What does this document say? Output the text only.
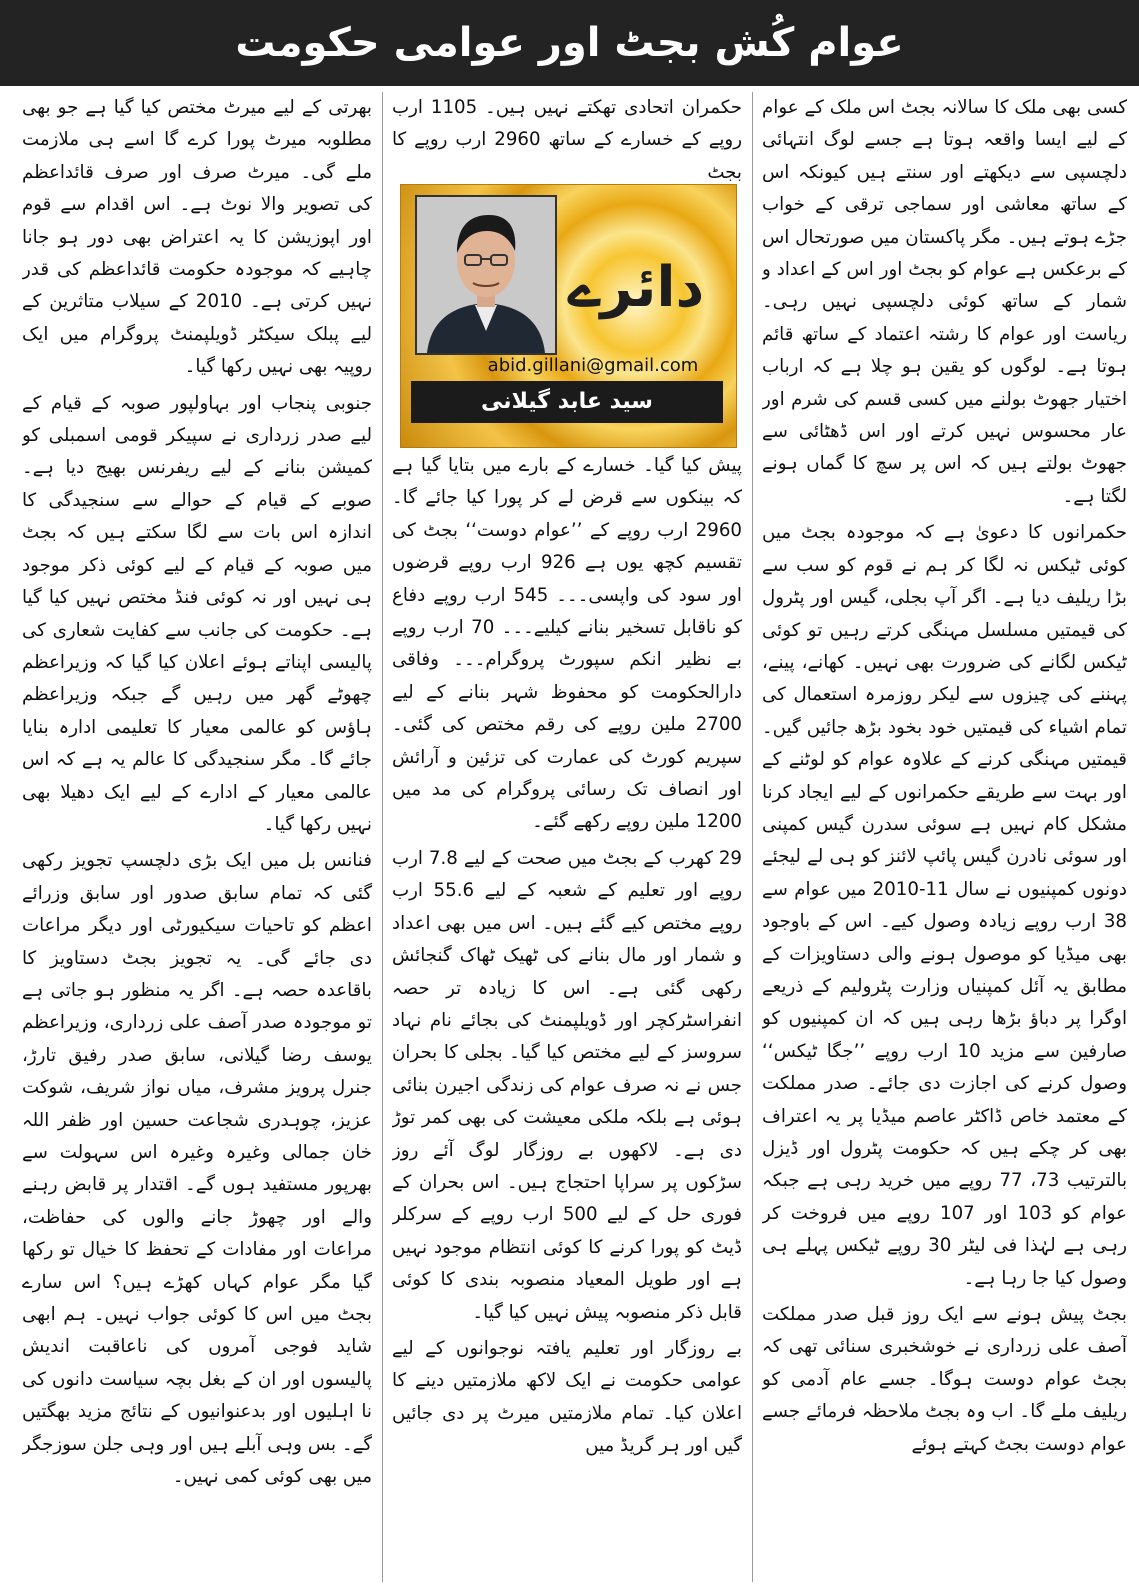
عوام کُش بجٹ اور عوامی حکومت

کسی بھی ملک کا سالانہ بجٹ اس ملک کے عوام کے لیے ایسا واقعہ ہوتا ہے جسے لوگ انتہائی دلچسپی سے دیکھتے اور سنتے ہیں کیونکہ اس کے ساتھ معاشی اور سماجی ترقی کے خواب جڑے ہوتے ہیں۔ مگر پاکستان میں صورتحال اس کے برعکس ہے عوام کو بجٹ اور اس کے اعداد و شمار کے ساتھ کوئی دلچسپی نہیں رہی۔ ریاست اور عوام کا رشتہ اعتماد کے ساتھ قائم ہوتا ہے۔ لوگوں کو یقین ہو چلا ہے کہ ارباب اختیار جھوٹ بولنے میں کسی قسم کی شرم اور عار محسوس نہیں کرتے اور اس ڈھٹائی سے جھوٹ بولتے ہیں کہ اس پر سچ کا گماں ہونے لگتا ہے۔

حکمرانوں کا دعویٰ ہے کہ موجودہ بجٹ میں کوئی ٹیکس نہ لگا کر ہم نے قوم کو سب سے بڑا ریلیف دیا ہے۔ اگر آپ بجلی، گیس اور پٹرول کی قیمتیں مسلسل مہنگی کرتے رہیں تو کوئی ٹیکس لگانے کی ضرورت بھی نہیں۔ کھانے، پینے، پہننے کی چیزوں سے لیکر روزمرہ استعمال کی تمام اشیاء کی قیمتیں خود بخود بڑھ جائیں گیں۔ قیمتیں مہنگی کرنے کے علاوہ عوام کو لوٹنے کے اور بہت سے طریقے حکمرانوں کے لیے ایجاد کرنا مشکل کام نہیں ہے سوئی سدرن گیس کمپنی اور سوئی نادرن گیس پائپ لائنز کو ہی لے لیجئے دونوں کمپنیوں نے سال 11-2010 میں عوام سے 38 ارب روپے زیادہ وصول کیے۔ اس کے باوجود بھی میڈیا کو موصول ہونے والی دستاویزات کے مطابق یہ آئل کمپنیاں وزارت پٹرولیم کے ذریعے اوگرا پر دباؤ بڑھا رہی ہیں کہ ان کمپنیوں کو صارفین سے مزید 10 ارب روپے ’’جگا ٹیکس‘‘ وصول کرنے کی اجازت دی جائے۔ صدر مملکت کے معتمد خاص ڈاکٹر عاصم میڈیا پر یہ اعتراف بھی کر چکے ہیں کہ حکومت پٹرول اور ڈیزل بالترتیب 73، 77 روپے میں خرید رہی ہے جبکہ عوام کو 103 اور 107 روپے میں فروخت کر رہی ہے لہٰذا فی لیٹر 30 روپے ٹیکس پہلے ہی وصول کیا جا رہا ہے۔

بجٹ پیش ہونے سے ایک روز قبل صدر مملکت آصف علی زرداری نے خوشخبری سنائی تھی کہ بجٹ عوام دوست ہوگا۔ جسے عام آدمی کو ریلیف ملے گا۔ اب وہ بجٹ ملاحظہ فرمائے جسے عوام دوست بجٹ کہتے ہوئے

حکمران اتحادی تھکتے نہیں ہیں۔ 1105 ارب روپے کے خسارے کے ساتھ 2960 ارب روپے کا بجٹ

پیش کیا گیا۔ خسارے کے بارے میں بتایا گیا ہے کہ بینکوں سے قرض لے کر پورا کیا جائے گا۔ 2960 ارب روپے کے ’’عوام دوست‘‘ بجٹ کی تقسیم کچھ یوں ہے 926 ارب روپے قرضوں اور سود کی واپسی۔۔۔ 545 ارب روپے دفاع کو ناقابل تسخیر بنانے کیلیے۔۔۔ 70 ارب روپے بے نظیر انکم سپورٹ پروگرام۔۔۔ وفاقی دارالحکومت کو محفوظ شہر بنانے کے لیے 2700 ملین روپے کی رقم مختص کی گئی۔ سپریم کورٹ کی عمارت کی تزئین و آرائش اور انصاف تک رسائی پروگرام کی مد میں 1200 ملین روپے رکھے گئے۔

29 کھرب کے بجٹ میں صحت کے لیے 7.8 ارب روپے اور تعلیم کے شعبہ کے لیے 55.6 ارب روپے مختص کیے گئے ہیں۔ اس میں بھی اعداد و شمار اور مال بنانے کی ٹھیک ٹھاک گنجائش رکھی گئی ہے۔ اس کا زیادہ تر حصہ انفراسٹرکچر اور ڈویلپمنٹ کی بجائے نام نہاد سروسز کے لیے مختص کیا گیا۔ بجلی کا بحران جس نے نہ صرف عوام کی زندگی اجیرن بنائی ہوئی ہے بلکہ ملکی معیشت کی بھی کمر توڑ دی ہے۔ لاکھوں بے روزگار لوگ آئے روز سڑکوں پر سراپا احتجاج ہیں۔ اس بحران کے فوری حل کے لیے 500 ارب روپے کے سرکلر ڈیٹ کو پورا کرنے کا کوئی انتظام موجود نہیں ہے اور طویل المعیاد منصوبہ بندی کا کوئی قابل ذکر منصوبہ پیش نہیں کیا گیا۔

بے روزگار اور تعلیم یافتہ نوجوانوں کے لیے عوامی حکومت نے ایک لاکھ ملازمتیں دینے کا اعلان کیا۔ تمام ملازمتیں میرٹ پر دی جائیں گیں اور ہر گریڈ میں

دائرے
abid.gillani@gmail.com
سید عابد گیلانی

بھرتی کے لیے میرٹ مختص کیا گیا ہے جو بھی مطلوبہ میرٹ پورا کرے گا اسے ہی ملازمت ملے گی۔ میرٹ صرف اور صرف قائداعظم کی تصویر والا نوٹ ہے۔ اس اقدام سے قوم اور اپوزیشن کا یہ اعتراض بھی دور ہو جانا چاہیے کہ موجودہ حکومت قائداعظم کی قدر نہیں کرتی ہے۔ 2010 کے سیلاب متاثرین کے لیے پبلک سیکٹر ڈویلپمنٹ پروگرام میں ایک روپیہ بھی نہیں رکھا گیا۔

جنوبی پنجاب اور بہاولپور صوبہ کے قیام کے لیے صدر زرداری نے سپیکر قومی اسمبلی کو کمیشن بنانے کے لیے ریفرنس بھیج دیا ہے۔ صوبے کے قیام کے حوالے سے سنجیدگی کا اندازہ اس بات سے لگا سکتے ہیں کہ بجٹ میں صوبہ کے قیام کے لیے کوئی ذکر موجود ہی نہیں اور نہ کوئی فنڈ مختص نہیں کیا گیا ہے۔ حکومت کی جانب سے کفایت شعاری کی پالیسی اپناتے ہوئے اعلان کیا گیا کہ وزیراعظم چھوٹے گھر میں رہیں گے جبکہ وزیراعظم ہاؤس کو عالمی معیار کا تعلیمی ادارہ بنایا جائے گا۔ مگر سنجیدگی کا عالم یہ ہے کہ اس عالمی معیار کے ادارے کے لیے ایک دھیلا بھی نہیں رکھا گیا۔

فنانس بل میں ایک بڑی دلچسپ تجویز رکھی گئی کہ تمام سابق صدور اور سابق وزرائے اعظم کو تاحیات سیکیورٹی اور دیگر مراعات دی جائے گی۔ یہ تجویز بجٹ دستاویز کا باقاعدہ حصہ ہے۔ اگر یہ منظور ہو جاتی ہے تو موجودہ صدر آصف علی زرداری، وزیراعظم یوسف رضا گیلانی، سابق صدر رفیق تارڑ، جنرل پرویز مشرف، میاں نواز شریف، شوکت عزیز، چوہدری شجاعت حسین اور ظفر اللہ خان جمالی وغیرہ وغیرہ اس سہولت سے بھرپور مستفید ہوں گے۔ اقتدار پر قابض رہنے والے اور چھوڑ جانے والوں کی حفاظت، مراعات اور مفادات کے تحفظ کا خیال تو رکھا گیا مگر عوام کہاں کھڑے ہیں؟ اس سارے بجٹ میں اس کا کوئی جواب نہیں۔ ہم ابھی شاید فوجی آمروں کی ناعاقبت اندیش پالیسوں اور ان کے بغل بچہ سیاست دانوں کی نا اہلیوں اور بدعنوانیوں کے نتائج مزید بھگتیں گے۔ بس وہی آبلے ہیں اور وہی جلن سوزجگر میں بھی کوئی کمی نہیں۔
